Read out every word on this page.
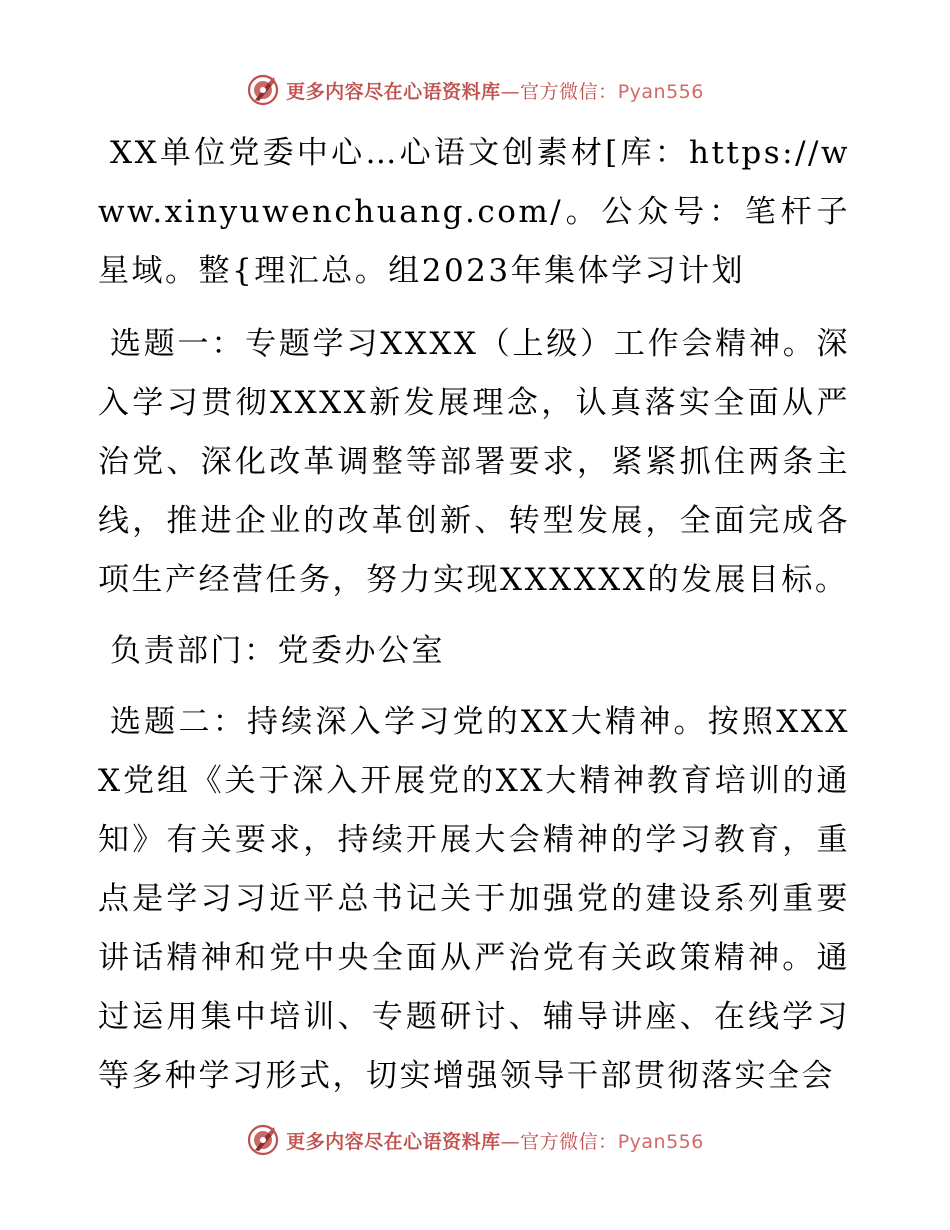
更多内容尽在心语资料库—官方微信：Pyan556

XX单位党委中心…心语文创素材[库：https://www.xinyuwenchuang.com/。公众号：笔杆子星域。整{理汇总。组2023年集体学习计划

选题一：专题学习XXXX（上级）工作会精神。深入学习贯彻XXXX新发展理念，认真落实全面从严治党、深化改革调整等部署要求，紧紧抓住两条主线，推进企业的改革创新、转型发展，全面完成各项生产经营任务，努力实现XXXXXX的发展目标。

负责部门：党委办公室

选题二：持续深入学习党的XX大精神。按照XXXX党组《关于深入开展党的XX大精神教育培训的通知》有关要求，持续开展大会精神的学习教育，重点是学习习近平总书记关于加强党的建设系列重要讲话精神和党中央全面从严治党有关政策精神。通过运用集中培训、专题研讨、辅导讲座、在线学习等多种学习形式，切实增强领导干部贯彻落实全会

更多内容尽在心语资料库—官方微信：Pyan556
